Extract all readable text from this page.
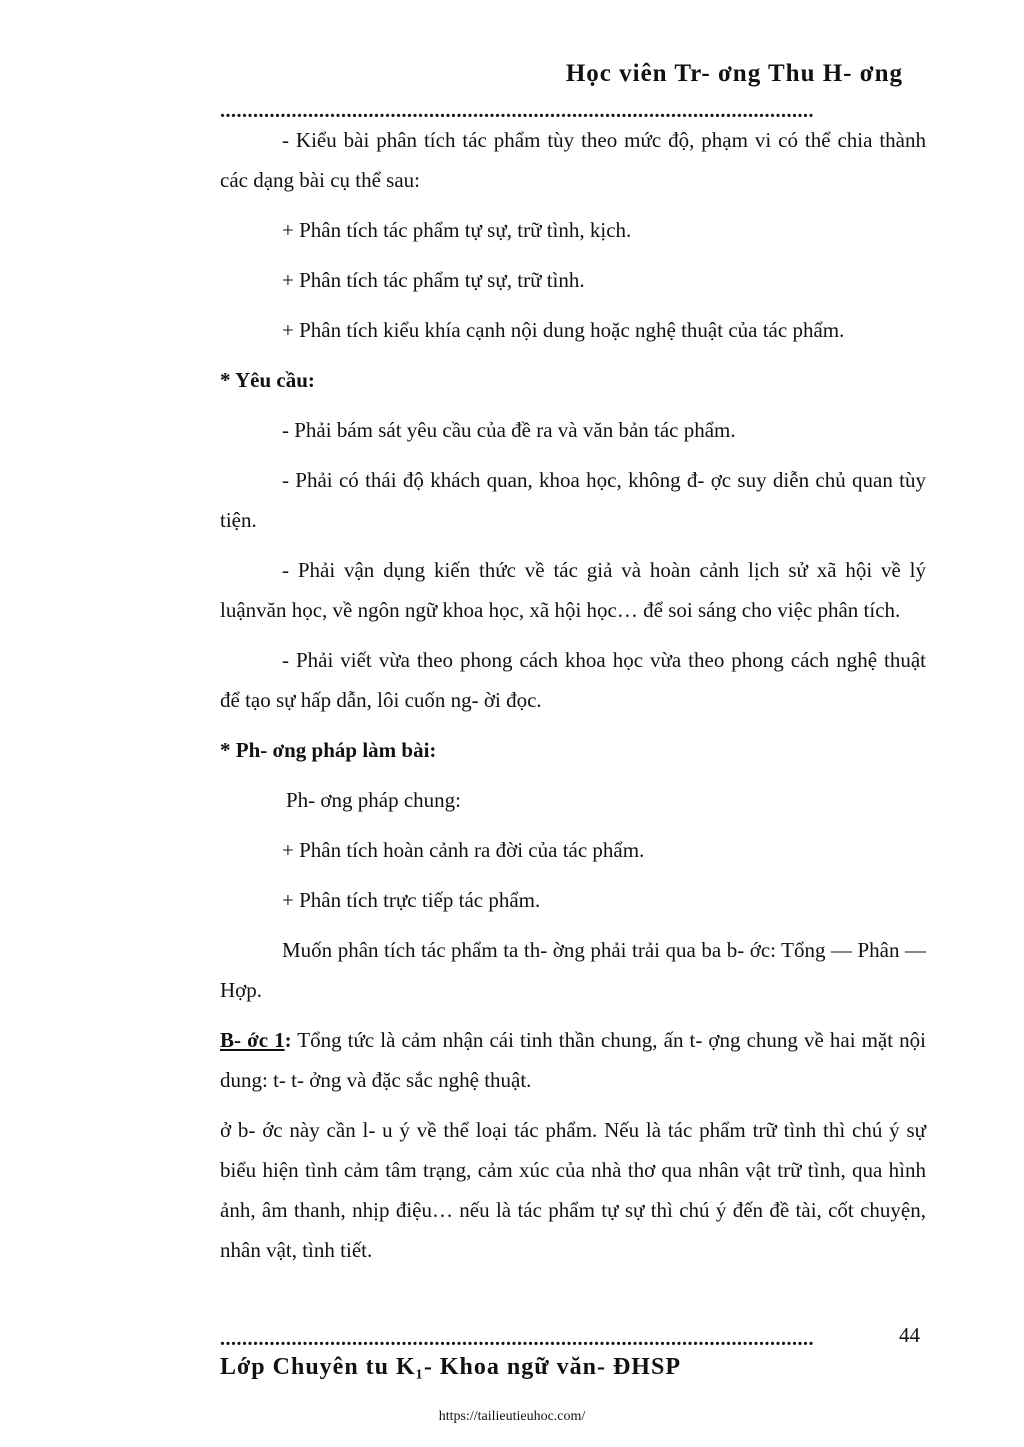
Học viên Tr- ơng Thu H- ơng
............................................................................................................

- Kiểu bài phân tích tác phẩm tùy theo mức độ, phạm vi có thể chia thành các dạng bài cụ thể sau:

+ Phân tích tác phẩm tự sự, trữ tình, kịch.

+ Phân tích tác phẩm tự sự, trữ tình.

+ Phân tích kiểu khía cạnh nội dung hoặc nghệ thuật của tác phẩm.

* Yêu cầu:

- Phải bám sát yêu cầu của đề ra và văn bản tác phẩm.

- Phải có thái độ khách quan, khoa học, không đ- ợc suy diễn chủ quan tùy tiện.

- Phải vận dụng kiến thức về tác giả và hoàn cảnh lịch sử xã hội về lý luậnvăn học, về ngôn ngữ khoa học, xã hội học… để soi sáng cho việc phân tích.

- Phải viết vừa theo phong cách khoa học vừa theo phong cách nghệ thuật để tạo sự hấp dẫn, lôi cuốn ng- ời đọc.

* Ph- ơng pháp làm bài:

Ph- ơng pháp chung:

+ Phân tích hoàn cảnh ra đời của tác phẩm.

+ Phân tích trực tiếp tác phẩm.

Muốn phân tích tác phẩm ta th- ờng phải trải qua ba b- ớc: Tổng — Phân — Hợp.

B- ớc 1: Tổng tức là cảm nhận cái tinh thần chung, ấn t- ợng chung về hai mặt nội dung: t- t- ởng và đặc sắc nghệ thuật.

ở b- ớc này cần l- u ý về thể loại tác phẩm. Nếu là tác phẩm trữ tình thì chú ý sự biểu hiện tình cảm tâm trạng, cảm xúc của nhà thơ qua nhân vật trữ tình, qua hình ảnh, âm thanh, nhịp điệu… nếu là tác phẩm tự sự thì chú ý đến đề tài, cốt chuyện, nhân vật, tình tiết.

............................................................................................................	44
Lớp Chuyên tu K₁- Khoa ngữ văn- ĐHSP
https://tailieutieuhoc.com/
